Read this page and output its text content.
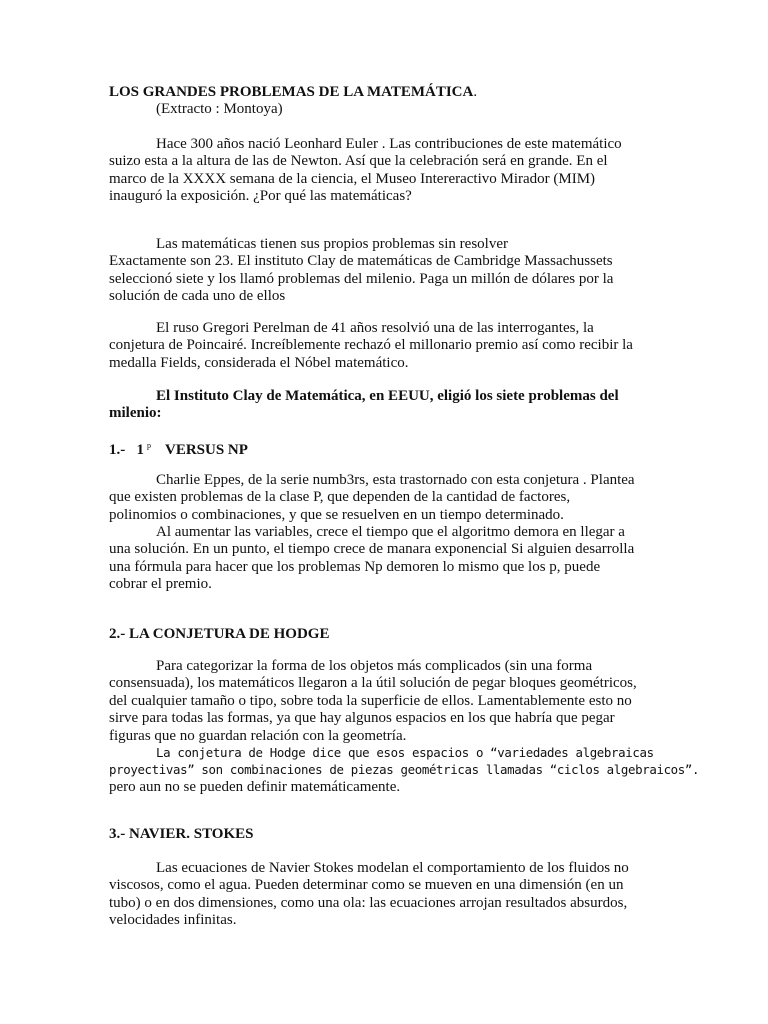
LOS GRANDES PROBLEMAS DE LA MATEMÁTICA.
(Extracto : Montoya)
Hace 300 años nació Leonhard Euler . Las contribuciones de este matemático
suizo esta a la altura de las de Newton. Así que la celebración será en grande. En el
marco de la XXXX semana de la ciencia, el Museo Intereractivo Mirador (MIM)
inauguró la exposición. ¿Por qué las matemáticas?
Las matemáticas tienen sus propios problemas sin resolver
Exactamente son 23. El instituto Clay de matemáticas de Cambridge Massachussets
seleccionó siete y los llamó problemas del milenio. Paga un millón de dólares por la
solución de cada uno de ellos
El ruso Gregori Perelman de 41 años resolvió una de las interrogantes, la
conjetura de Poincairé. Increíblemente rechazó el millonario premio así como recibir la
medalla Fields, considerada el Nóbel matemático.
El Instituto Clay de Matemática, en EEUU, eligió los siete problemas del
milenio:
1.-   1 $^p$ VERSUS NP
Charlie Eppes, de la serie numb3rs, esta trastornado con esta conjetura . Plantea
que existen problemas de la clase P, que dependen de la cantidad de factores,
polinomios o combinaciones, y que se resuelven en un tiempo determinado.
Al aumentar las variables, crece el tiempo que el algoritmo demora en llegar a
una solución. En un punto, el tiempo crece de manara exponencial Si alguien desarrolla
una fórmula para hacer que los problemas Np demoren lo mismo que los p, puede
cobrar el premio.
2.- LA CONJETURA DE HODGE
Para categorizar la forma de los objetos más complicados (sin una forma
consensuada), los matemáticos llegaron a la útil solución de pegar bloques geométricos,
del cualquier tamaño o tipo, sobre toda la superficie de ellos. Lamentablemente esto no
sirve para todas las formas, ya que hay algunos espacios en los que habría que pegar
figuras que no guardan relación con la geometría.
La conjetura de Hodge dice que esos espacios o “variedades algebraicas
proyectivas” son combinaciones de piezas geométricas llamadas “ciclos algebraicos”.
pero aun no se pueden definir matemáticamente.
3.- NAVIER. STOKES
Las ecuaciones de Navier Stokes modelan el comportamiento de los fluidos no
viscosos, como el agua. Pueden determinar como se mueven en una dimensión (en un
tubo) o en dos dimensiones, como una ola: las ecuaciones arrojan resultados absurdos,
velocidades infinitas.
